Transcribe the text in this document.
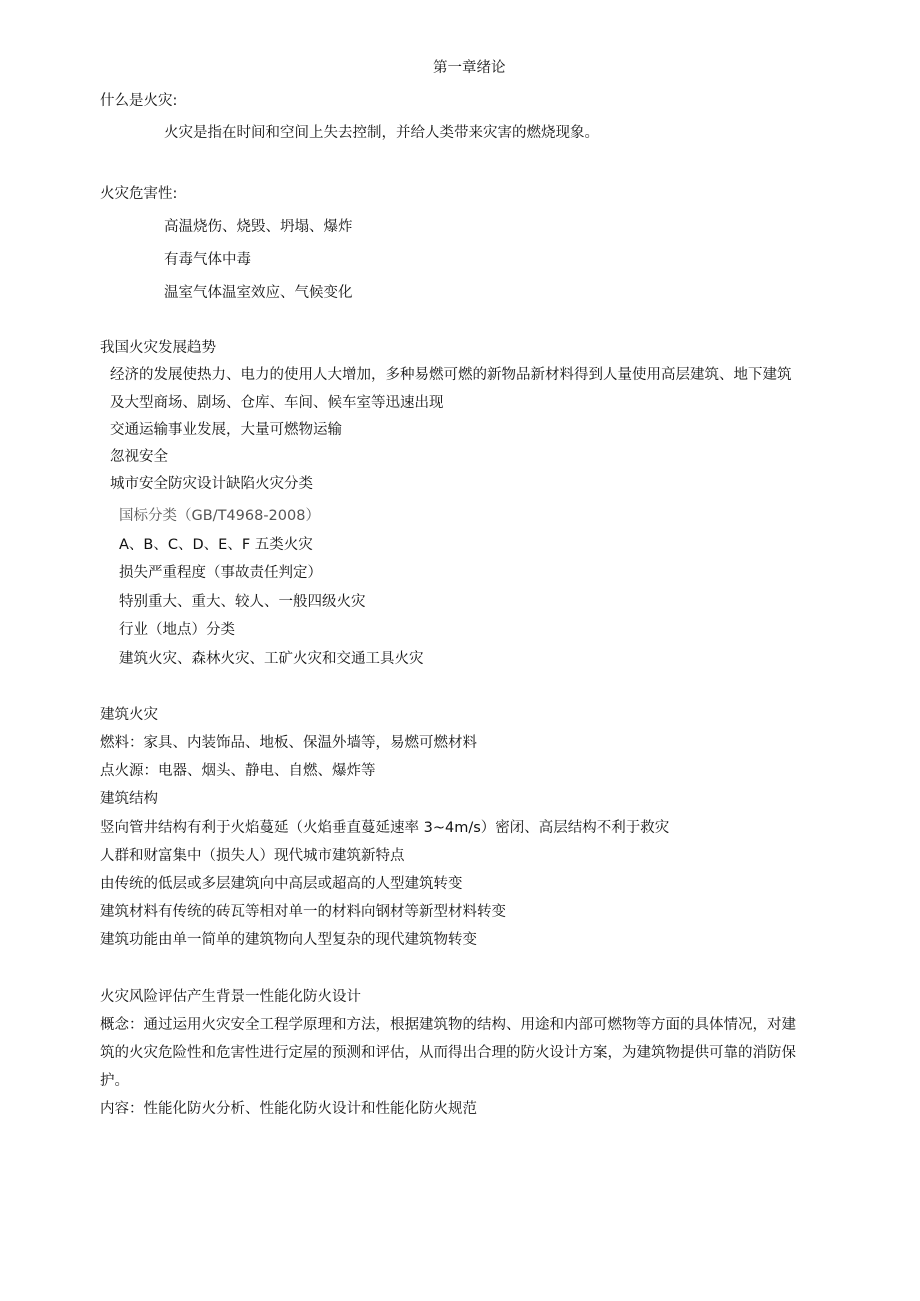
第一章绪论
什么是火灾:
火灾是指在时间和空间上失去控制，并给人类带来灾害的燃烧现象。
火灾危害性:
高温烧伤、烧毁、坍塌、爆炸
有毒气体中毒
温室气体温室效应、气候变化
我国火灾发展趋势
经济的发展使热力、电力的使用人大增加，多种易燃可燃的新物品新材料得到人量使用高层建筑、地下建筑
及大型商场、剧场、仓库、车间、候车室等迅速出现
交通运输事业发展，大量可燃物运输
忽视安全
城市安全防灾设计缺陷火灾分类
国标分类（GB/T4968-2008）
A、B、C、D、E、F 五类火灾
损失严重程度（事故责任判定）
特别重大、重大、较人、一般四级火灾
行业（地点）分类
建筑火灾、森林火灾、工矿火灾和交通工具火灾
建筑火灾
燃料：家具、内装饰品、地板、保温外墙等，易燃可燃材料
点火源：电器、烟头、静电、自燃、爆炸等
建筑结构
竖向管井结构有利于火焰蔓延（火焰垂直蔓延速率 3~4m/s）密闭、高层结构不利于救灾
人群和财富集中（损失人）现代城市建筑新特点
由传统的低层或多层建筑向中高层或超高的人型建筑转变
建筑材料有传统的砖瓦等相对单一的材料向钢材等新型材料转变
建筑功能由单一简单的建筑物向人型复杂的现代建筑物转变
火灾风险评估产生背景一性能化防火设计
概念：通过运用火灾安全工程学原理和方法，根据建筑物的结构、用途和内部可燃物等方面的具体情况，对建
筑的火灾危险性和危害性进行定屋的预测和评估，从而得出合理的防火设计方案，为建筑物提供可靠的消防保
护。
内容：性能化防火分析、性能化防火设计和性能化防火规范
